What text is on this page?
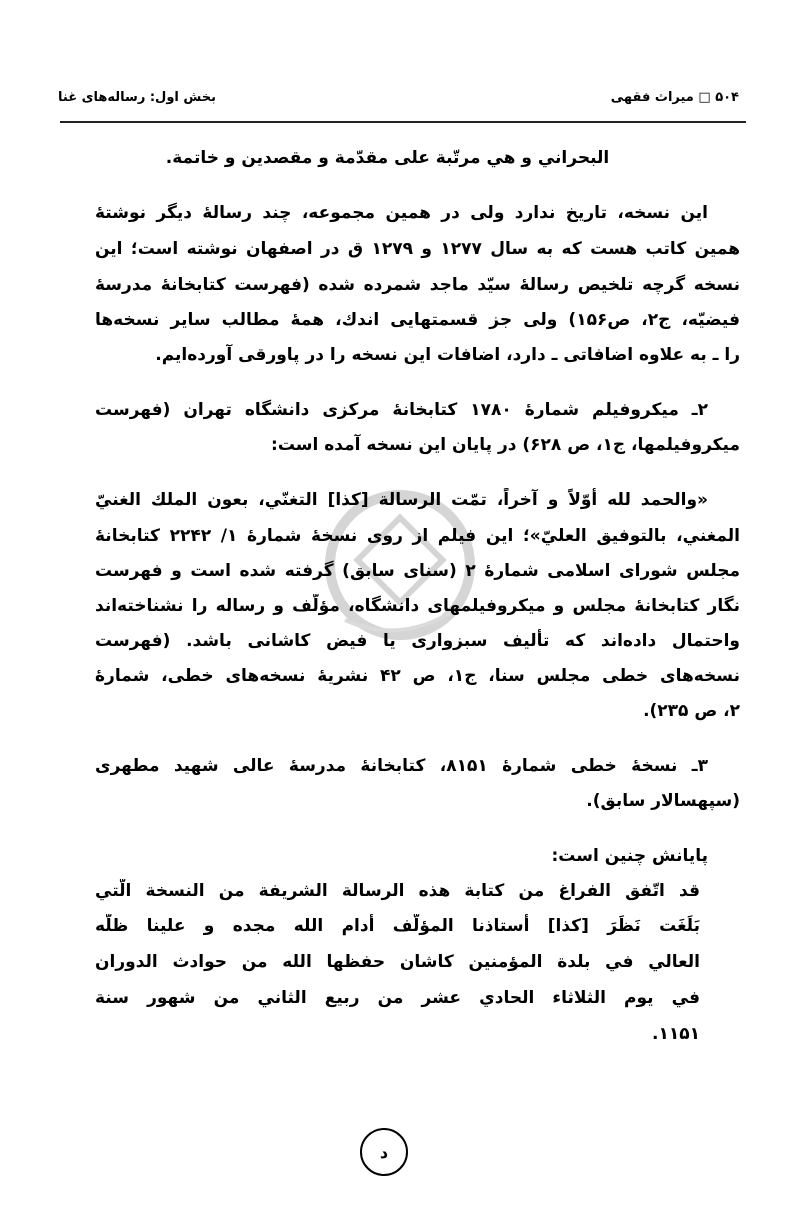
۵۰۴ □ میراث فقهی
بخش اول: رساله‌های غنا
البحراني و هي مرتّبة على مقدّمة و مقصدين و خاتمة.
این نسخه، تاریخ ندارد ولی در همین مجموعه، چند رسالهٔ دیگر نوشتهٔ
همین کاتب هست که به سال ۱۲۷۷ و ۱۲۷۹ ق در اصفهان نوشته است؛ این
نسخه گرچه تلخیص رسالهٔ سیّد ماجد شمرده شده (فهرست کتابخانهٔ مدرسهٔ
فیضیّه، ج۲، ص۱۵۶) ولی جز قسمتهایی اندك، همهٔ مطالب سایر نسخه‌ها
را ـ به علاوه اضافاتی ـ دارد، اضافات این نسخه را در پاورقی آورده‌ایم.
۲ـ میکروفیلم شمارهٔ ۱۷۸۰ کتابخانهٔ مرکزی دانشگاه تهران (فهرست
میکروفیلمها، ج۱، ص ۶۲۸) در پایان این نسخه آمده است:
«والحمد لله أوّلاً و آخراً، تمّت الرسالة [كذا] التغنّي، بعون الملك الغنيّ
المغني، بالتوفيق العليّ»؛ این فیلم از روی نسخهٔ شمارهٔ ۱/ ۲۲۴۲ کتابخانهٔ
مجلس شورای اسلامی شمارهٔ ۲ (سنای سابق) گرفته شده است و فهرست
نگار کتابخانهٔ مجلس و میکروفیلمهای دانشگاه، مؤلّف و رساله را نشناخته‌اند
واحتمال داده‌اند که تألیف سبزواری یا فیض کاشانی باشد. (فهرست
نسخه‌های خطی مجلس سنا، ج۱، ص ۴۲ نشریهٔ نسخه‌های خطی، شمارهٔ
۲، ص ۲۳۵).
۳ـ نسخهٔ خطی شمارهٔ ۸۱۵۱، کتابخانهٔ مدرسهٔ عالی شهید مطهری
(سپهسالار سابق).
پایانش چنین است:
قد اتّفق الفراغ من كتابة هذه الرسالة الشريفة من النسخة الّتي
بَلَغَت نَظَرَ [كذا] أُستاذنا المؤلّف أدام الله مجده و علينا ظلّه
العالي في بلدة المؤمنين كاشان حفظها الله من حوادث الدوران
في يوم الثلاثاء الحادي عشر من ربيع الثاني من شهور سنة
۱۱۵۱.
د
